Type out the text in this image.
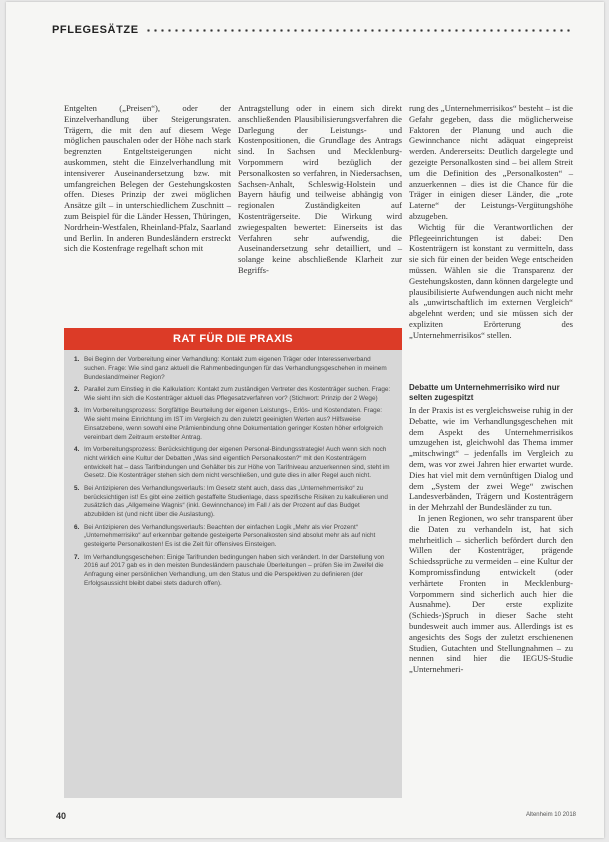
PFLEGESÄTZE

Entgelten („Preisen“), oder der Einzelverhandlung über Steigerungsraten. Trägern, die mit den auf diesem Wege möglichen pauschalen oder der Höhe nach stark begrenzten Entgeltsteigerungen nicht auskommen, steht die Einzelverhandlung mit intensiverer Auseinandersetzung bzw. mit umfangreichen Belegen der Gestehungskosten offen. Dieses Prinzip der zwei möglichen Ansätze gilt – in unterschiedlichem Zuschnitt – zum Beispiel für die Länder Hessen, Thüringen, Nordrhein-Westfalen, Rheinland-Pfalz, Saarland und Berlin. In anderen Bundesländern erstreckt sich die Kostenfrage regelhaft schon mit

Antragstellung oder in einem sich direkt anschließenden Plausibilisierungsverfahren die Darlegung der Leistungs- und Kostenpositionen, die Grundlage des Antrags sind. In Sachsen und Mecklenburg-Vorpommern wird bezüglich der Personalkosten so verfahren, in Niedersachsen, Sachsen-Anhalt, Schleswig-Holstein und Bayern häufig und teilweise abhängig von regionalen Zuständigkeiten auf Kostenträgerseite. Die Wirkung wird zwiegespalten bewertet: Einerseits ist das Verfahren sehr aufwendig, die Auseinandersetzung sehr detailliert, und – solange keine abschließende Klarheit zur Begriffs-

rung des „Unternehmerrisikos“ besteht – ist die Gefahr gegeben, dass die möglicherweise Faktoren der Planung und auch die Gewinnchance nicht adäquat eingepreist werden. Andererseits: Deutlich dargelegte und gezeigte Personalkosten sind – bei allem Streit um die Definition des „Personalkosten“ – anzuerkennen – dies ist die Chance für die Träger in einigen dieser Länder, die „rote Laterne“ der Leistungs-Vergütungshöhe abzugeben.

Wichtig für die Verantwortlichen der Pflegeeinrichtungen ist dabei: Den Kostenträgern ist konstant zu vermitteln, dass sie sich für einen der beiden Wege entscheiden müssen. Wählen sie die Transparenz der Gestehungskosten, dann können dargelegte und plausibilisierte Aufwendungen auch nicht mehr als „unwirtschaftlich im externen Vergleich“ abgelehnt werden; und sie müssen sich der expliziten Erörterung des „Unternehmerrisikos“ stellen.

Debatte um Unternehmerrisiko wird nur selten zugespitzt

In der Praxis ist es vergleichsweise ruhig in der Debatte, wie im Verhandlungsgeschehen mit dem Aspekt des Unternehmerrisikos umzugehen ist, gleichwohl das Thema immer „mitschwingt“ – jedenfalls im Vergleich zu dem, was vor zwei Jahren hier erwartet wurde. Dies hat viel mit dem vernünftigen Dialog und dem „System der zwei Wege“ zwischen Landesverbänden, Trägern und Kostenträgern in der Mehrzahl der Bundesländer zu tun.

In jenen Regionen, wo sehr transparent über die Daten zu verhandeln ist, hat sich mehrheitlich – sicherlich befördert durch den Willen der Kostenträger, prägende Schiedssprüche zu vermeiden – eine Kultur der Kompromissfindung entwickelt (oder verhärtete Fronten in Mecklenburg-Vorpommern sind sicherlich auch hier die Ausnahme). Der erste explizite (Schieds-)Spruch in dieser Sache steht bundesweit auch immer aus. Allerdings ist es angesichts des Sogs der zuletzt erschienenen Studien, Gutachten und Stellungnahmen – zu nennen sind hier die IEGUS-Studie „Unternehmeri-

RAT FÜR DIE PRAXIS
1. Bei Beginn der Vorbereitung einer Verhandlung: Kontakt zum eigenen Träger oder Interessenverband suchen. Frage: Wie sind ganz aktuell die Rahmenbedingungen für das Verhandlungsgeschehen in meinem Bundesland/meiner Region?
2. Parallel zum Einstieg in die Kalkulation: Kontakt zum zuständigen Vertreter des Kostenträger suchen. Frage: Wie sieht ihn sich die Kostenträger aktuell das Pflegesatzverfahren vor? (Stichwort: Prinzip der 2 Wege)
3. Im Vorbereitungsprozess: Sorgfältige Beurteilung der eigenen Leistungs-, Erlös- und Kostendaten. Frage: Wie sieht meine Einrichtung im IST im Vergleich zu den zuletzt geeinigten Werten aus? Hilfsweise Einsatzebene, wenn sowohl eine Prämienbindung ohne Dokumentation geringer Kosten höher erfolgreich vereinbart dem Zeitraum erstellter Antrag.
4. Im Vorbereitungsprozess: Berücksichtigung der eigenen Personal-Bindungsstrategie! Auch wenn sich noch nicht wirklich eine Kultur der Debatten „Was sind eigentlich Personalkosten?“ mit den Kostenträgern entwickelt hat – dass Tarifbindungen und Gehälter bis zur Höhe von Tarifniveau anzuerkennen sind, steht im Gesetz. Die Kostenträger stehen sich dem nicht verschließen, und gute dies in aller Regel auch nicht.
5. Bei Antizipieren des Verhandlungsverlaufs: Im Gesetz steht auch, dass das „Unternehmerrisiko“ zu berücksichtigen ist! Es gibt eine zeitlich gestaffelte Studienlage, dass spezifische Risiken zu kalkulieren und zusätzlich das „Allgemeine Wagnis“ (inkl. Gewinnchance) im Fall / als der Prozent auf das Budget abzubilden ist (und nicht über die Auslastung).
6. Bei Antizipieren des Verhandlungsverlaufs: Beachten der einfachen Logik „Mehr als vier Prozent“ „Unternehmerrisiko“ auf erkennbar geltende gesteigerte Personalkosten sind absolut mehr als auf nicht gesteigerte Personalkosten! Es ist die Zeit für offensives Einsteigen.
7. Im Verhandlungsgeschehen: Einige Tarifrunden bedingungen haben sich verändert. In der Darstellung von 2016 auf 2017 gab es in den meisten Bundesländern pauschale Überleitungen – prüfen Sie im Zweifel die Anfragung einer persönlichen Verhandlung, um den Status und die Perspektiven zu definieren (der Erfolgsaussicht bleibt dabei stets dadurch offen).
40	Altenheim 10 2018
